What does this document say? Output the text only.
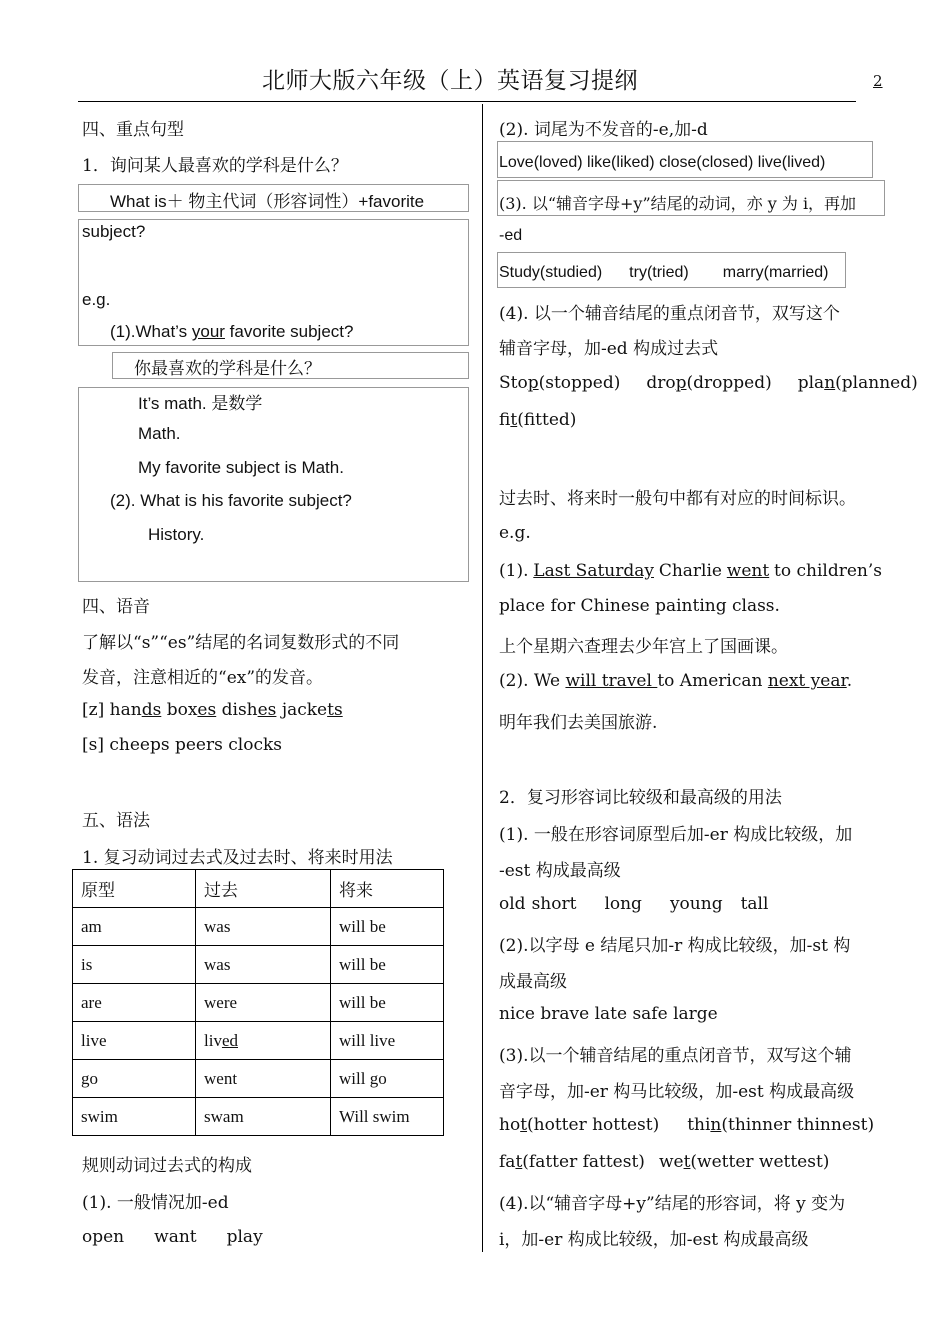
北师大版六年级（上）英语复习提纲	2
四、重点句型
1．询问某人最喜欢的学科是什么？
What is＋ 物主代词（形容词性）+favorite
subject?
e.g.
(1).What’s your favorite subject?
你最喜欢的学科是什么？
It’s math. 是数学
Math.
My favorite subject is Math.
(2). What is his favorite subject?
History.
四、语音
了解以“s”“es”结尾的名词复数形式的不同
发音，注意相近的“ex”的发音。
[z] hands boxes dishes jackets
[s] cheeps peers clocks
五、语法
1. 复习动词过去式及过去时、将来时用法
原型	过去	将来
am	was	will be
is	was	will be
are	were	will be
live	lived	will live
go	went	will go
swim	swam	Will swim
规则动词过去式的构成
(1). 一般情况加-ed
open want play
(2). 词尾为不发音的-e,加-d
Love(loved) like(liked) close(closed) live(lived)
(3). 以“辅音字母+y”结尾的动词，亦 y 为 i，再加
-ed
Study(studied) try(tried) marry(married)
(4). 以一个辅音结尾的重点闭音节，双写这个
辅音字母，加-ed 构成过去式
Stop(stopped) drop(dropped) plan(planned)
fit(fitted)
过去时、将来时一般句中都有对应的时间标识。
e.g.
(1). Last Saturday Charlie went to children’s
place for Chinese painting class.
上个星期六查理去少年宫上了国画课。
(2). We will travel to American next year.
明年我们去美国旅游.
2．复习形容词比较级和最高级的用法
(1). 一般在形容词原型后加-er 构成比较级，加
-est 构成最高级
old short long young tall
(2).以字母 e 结尾只加-r 构成比较级，加-st 构
成最高级
nice brave late safe large
(3).以一个辅音结尾的重点闭音节，双写这个辅
音字母，加-er 构马比较级，加-est 构成最高级
hot(hotter hottest) thin(thinner thinnest)
fat(fatter fattest) wet(wetter wettest)
(4).以“辅音字母+y”结尾的形容词，将 y 变为
i，加-er 构成比较级，加-est 构成最高级
